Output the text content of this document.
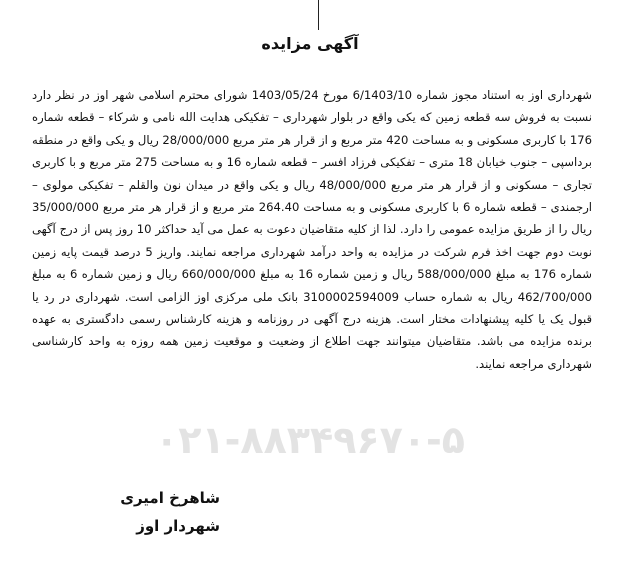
آگهی مزایده

شهرداری اوز به استناد مجوز شماره 6/1403/10 مورخ 1403/05/24 شورای محترم اسلامی شهر اوز در نظر دارد نسبت به فروش سه قطعه زمین که یکی واقع در بلوار شهرداری – تفکیکی هدایت الله نامی و شرکاء – قطعه شماره 176 با کاربری مسکونی و به مساحت 420 متر مربع و از قرار هر متر مربع 28/000/000 ریال و یکی واقع در منطقه برداسپی – جنوب خیابان 18 متری – تفکیکی فرزاد افسر – قطعه شماره 16 و به مساحت 275 متر مربع و با کاربری تجاری – مسکونی و از قرار هر متر مربع 48/000/000 ریال و یکی واقع در میدان نون والقلم – تفکیکی مولوی – ارجمندی – قطعه شماره 6 با کاربری مسکونی و به مساحت 264.40 متر مربع و از قرار هر متر مربع 35/000/000 ریال را از طریق مزایده عمومی را دارد. لذا از کلیه متقاضیان دعوت به عمل می آید حداکثر 10 روز پس از درج آگهی نوبت دوم جهت اخذ فرم شرکت در مزایده به واحد درآمد شهرداری مراجعه نمایند. واریز 5 درصد قیمت پایه زمین شماره 176 به مبلغ 588/000/000 ریال و زمین شماره 16 به مبلغ 660/000/000 ریال و زمین شماره 6 به مبلغ 462/700/000 ریال به شماره حساب 3100002594009 بانک ملی مرکزی اوز الزامی است. شهرداری در رد یا قبول یک یا کلیه پیشنهادات مختار است. هزینه درج آگهی در روزنامه و هزینه کارشناس رسمی دادگستری به عهده برنده مزایده می باشد. متقاضیان میتوانند جهت اطلاع از وضعیت و موقعیت زمین همه روزه به واحد کارشناسی شهرداری مراجعه نمایند.

۰۲۱-۸۸۳۴۹۶۷۰-۵
شاهرخ امیری
شهردار اوز
